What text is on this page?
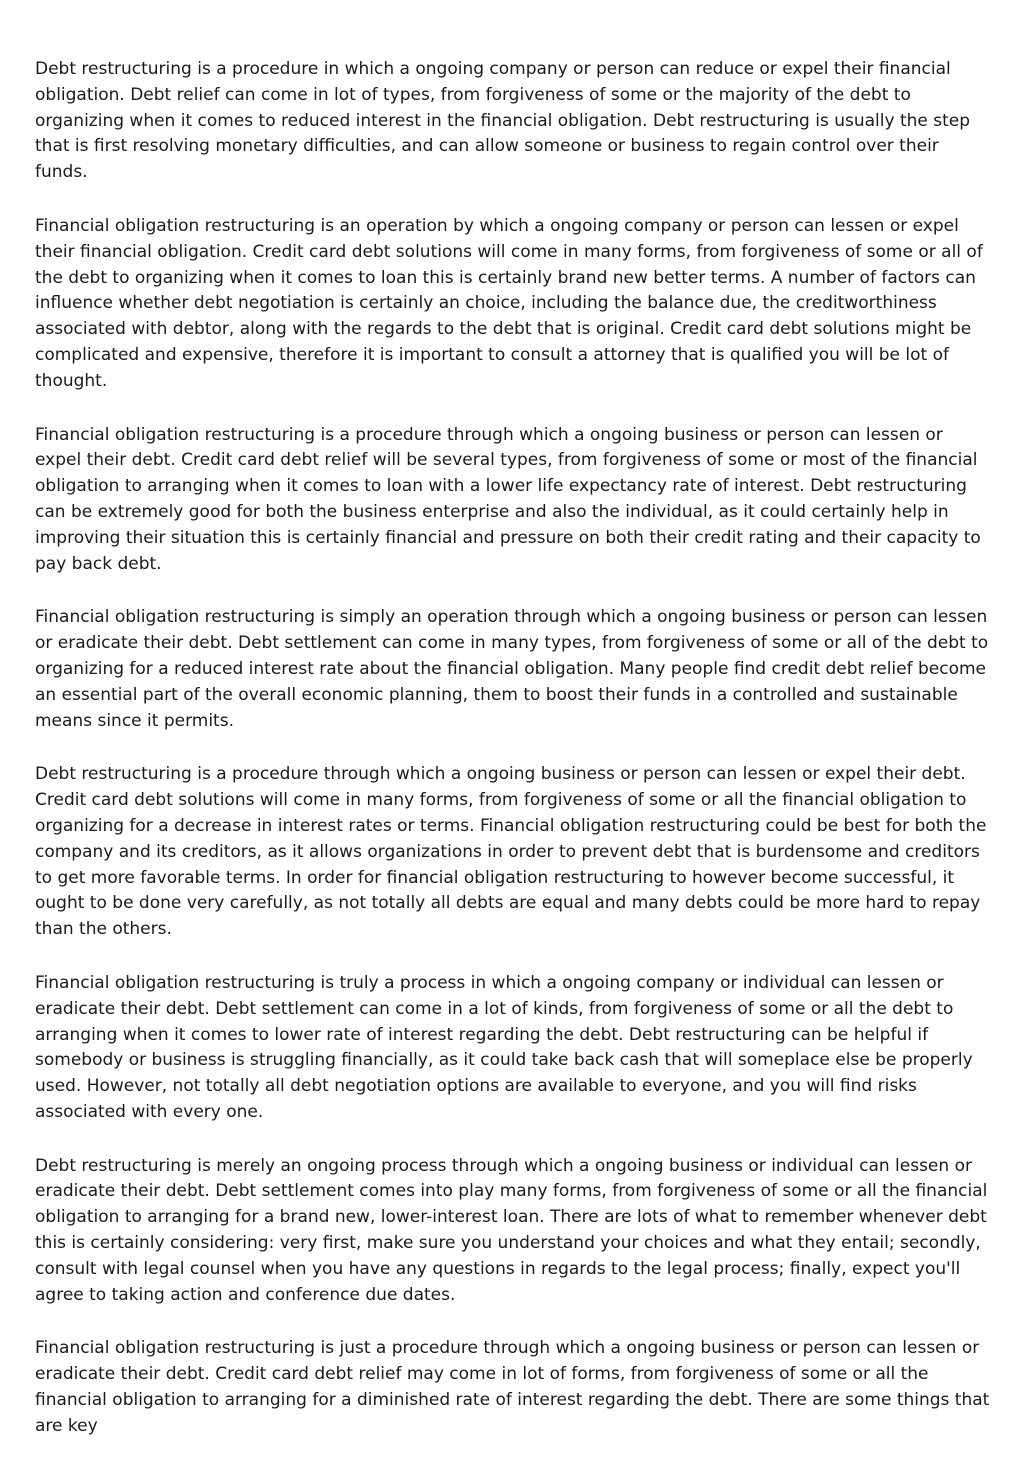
Debt restructuring is a procedure in which a ongoing company or person can reduce or expel their financial obligation. Debt relief can come in lot of types, from forgiveness of some or the majority of the debt to organizing when it comes to reduced interest in the financial obligation. Debt restructuring is usually the step that is first resolving monetary difficulties, and can allow someone or business to regain control over their funds.

Financial obligation restructuring is an operation by which a ongoing company or person can lessen or expel their financial obligation. Credit card debt solutions will come in many forms, from forgiveness of some or all of the debt to organizing when it comes to loan this is certainly brand new better terms. A number of factors can influence whether debt negotiation is certainly an choice, including the balance due, the creditworthiness associated with debtor, along with the regards to the debt that is original. Credit card debt solutions might be complicated and expensive, therefore it is important to consult a attorney that is qualified you will be lot of thought.

Financial obligation restructuring is a procedure through which a ongoing business or person can lessen or expel their debt. Credit card debt relief will be several types, from forgiveness of some or most of the financial obligation to arranging when it comes to loan with a lower life expectancy rate of interest. Debt restructuring can be extremely good for both the business enterprise and also the individual, as it could certainly help in improving their situation this is certainly financial and pressure on both their credit rating and their capacity to pay back debt.

Financial obligation restructuring is simply an operation through which a ongoing business or person can lessen or eradicate their debt. Debt settlement can come in many types, from forgiveness of some or all of the debt to organizing for a reduced interest rate about the financial obligation. Many people find credit debt relief become an essential part of the overall economic planning, them to boost their funds in a controlled and sustainable means since it permits.

Debt restructuring is a procedure through which a ongoing business or person can lessen or expel their debt. Credit card debt solutions will come in many forms, from forgiveness of some or all the financial obligation to organizing for a decrease in interest rates or terms. Financial obligation restructuring could be best for both the company and its creditors, as it allows organizations in order to prevent debt that is burdensome and creditors to get more favorable terms. In order for financial obligation restructuring to however become successful, it ought to be done very carefully, as not totally all debts are equal and many debts could be more hard to repay than the others.

Financial obligation restructuring is truly a process in which a ongoing company or individual can lessen or eradicate their debt. Debt settlement can come in a lot of kinds, from forgiveness of some or all the debt to arranging when it comes to lower rate of interest regarding the debt. Debt restructuring can be helpful if somebody or business is struggling financially, as it could take back cash that will someplace else be properly used. However, not totally all debt negotiation options are available to everyone, and you will find risks associated with every one.

Debt restructuring is merely an ongoing process through which a ongoing business or individual can lessen or eradicate their debt. Debt settlement comes into play many forms, from forgiveness of some or all the financial obligation to arranging for a brand new, lower-interest loan. There are lots of what to remember whenever debt this is certainly considering: very first, make sure you understand your choices and what they entail; secondly, consult with legal counsel when you have any questions in regards to the legal process; finally, expect you'll agree to taking action and conference due dates.

Financial obligation restructuring is just a procedure through which a ongoing business or person can lessen or eradicate their debt. Credit card debt relief may come in lot of forms, from forgiveness of some or all the financial obligation to arranging for a diminished rate of interest regarding the debt. There are some things that are key
